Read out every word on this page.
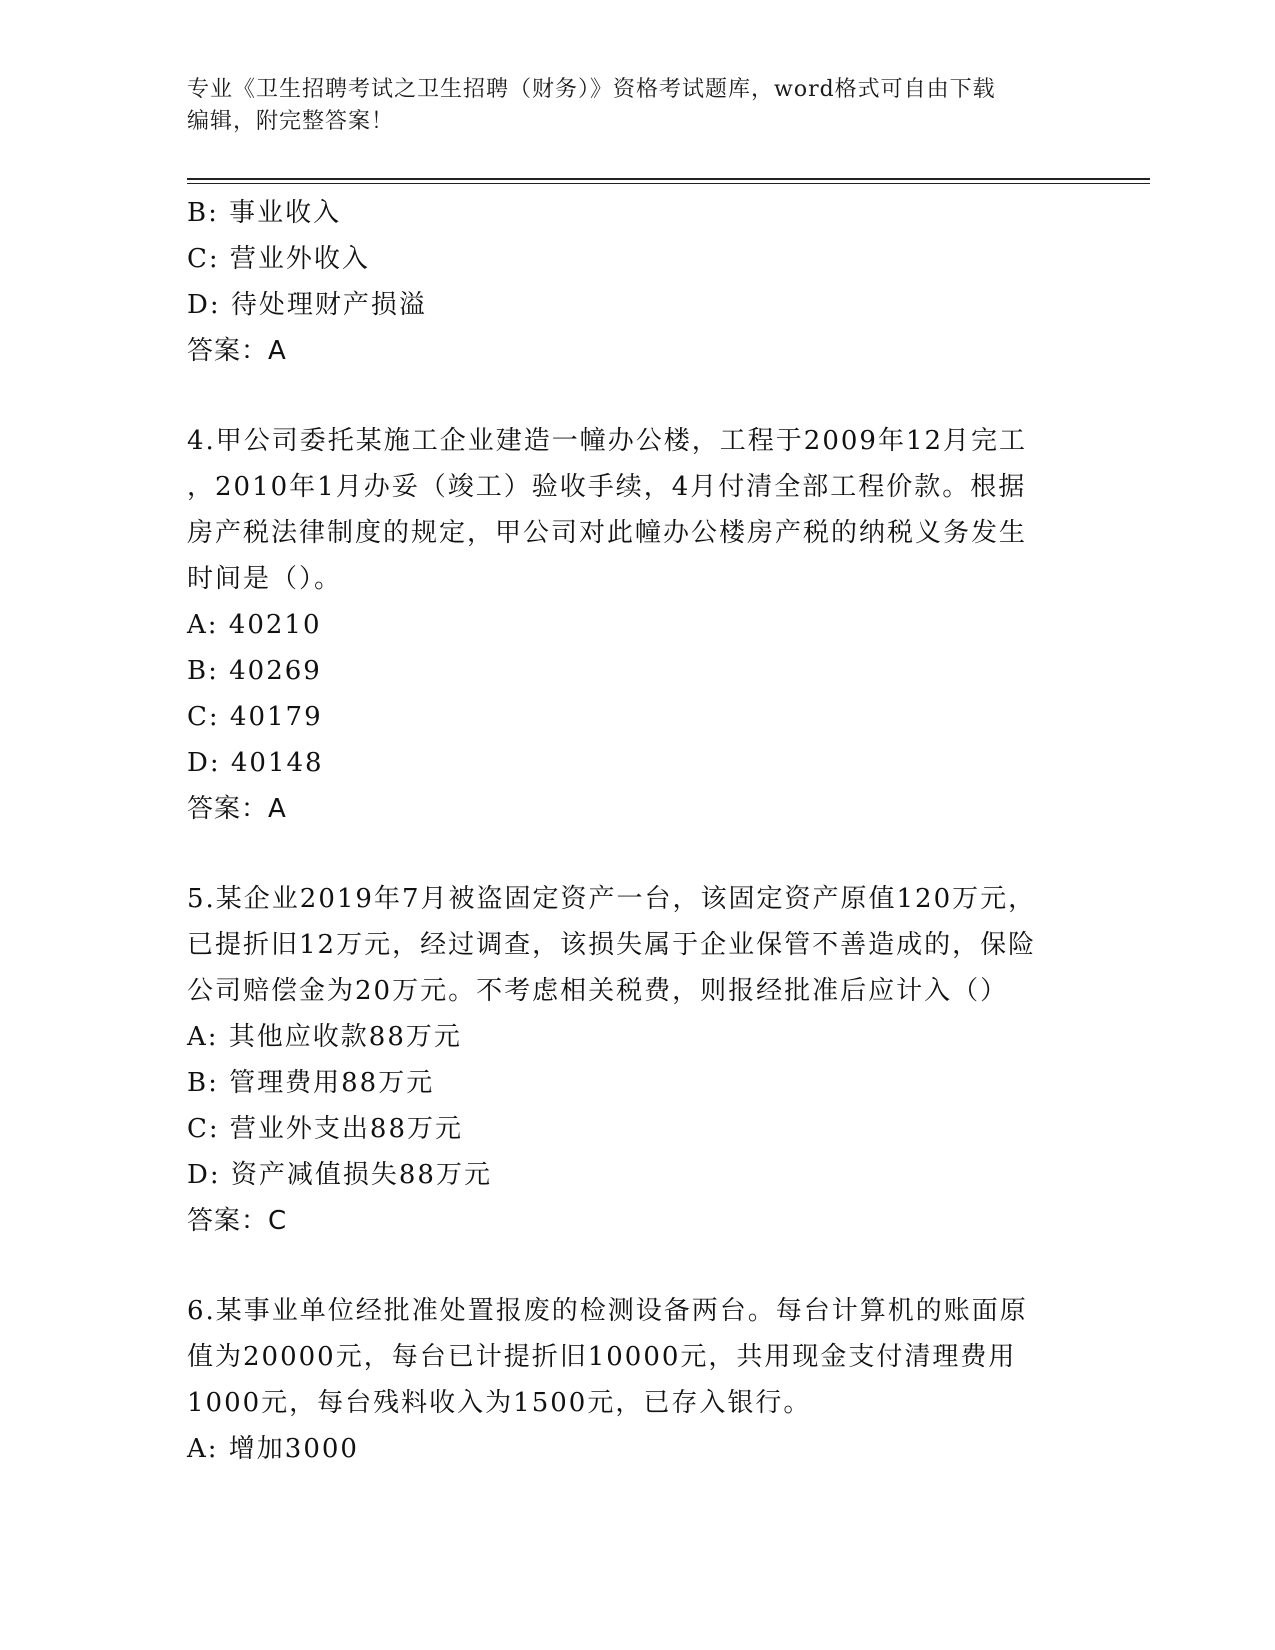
专业《卫生招聘考试之卫生招聘（财务）》资格考试题库，word格式可自由下载
编辑，附完整答案！
B: 事业收入
C: 营业外收入
D: 待处理财产损溢
答案：A
4.甲公司委托某施工企业建造一幢办公楼，工程于2009年12月完工
，2010年1月办妥（竣工）验收手续，4月付清全部工程价款。根据
房产税法律制度的规定，甲公司对此幢办公楼房产税的纳税义务发生
时间是（）。
A: 40210
B: 40269
C: 40179
D: 40148
答案：A
5.某企业2019年7月被盗固定资产一台，该固定资产原值120万元，
已提折旧12万元，经过调查，该损失属于企业保管不善造成的，保险
公司赔偿金为20万元。不考虑相关税费，则报经批准后应计入（）
A: 其他应收款88万元
B: 管理费用88万元
C: 营业外支出88万元
D: 资产减值损失88万元
答案：C
6.某事业单位经批准处置报废的检测设备两台。每台计算机的账面原
值为20000元，每台已计提折旧10000元，共用现金支付清理费用
1000元，每台残料收入为1500元，已存入银行。
A: 增加3000
